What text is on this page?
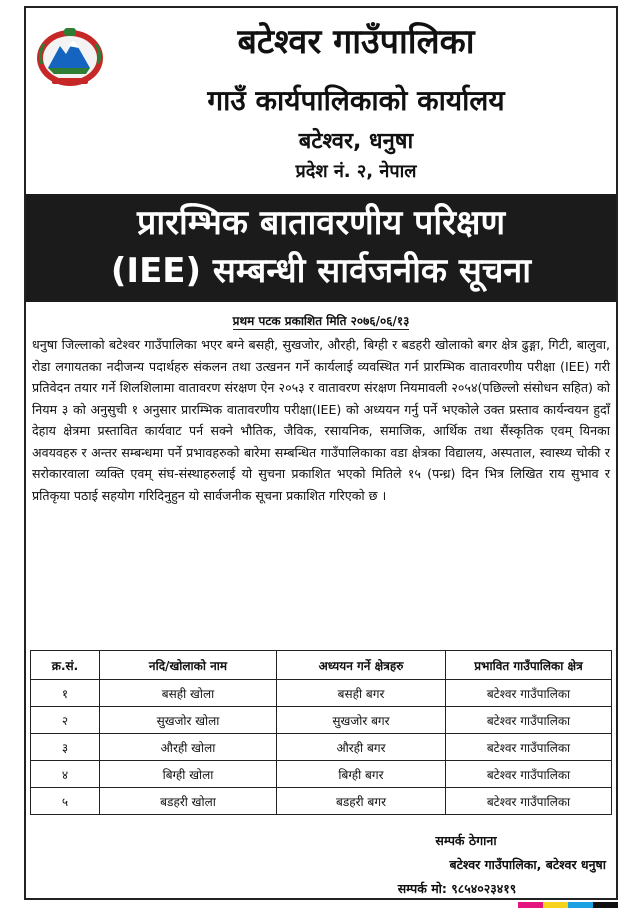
बटेश्वर गाउँपालिका
गाउँ कार्यपालिकाको कार्यालय
बटेश्वर, धनुषा
प्रदेश नं. २, नेपाल
प्रारम्भिक बातावरणीय परिक्षण
(IEE) सम्बन्धी सार्वजनीक सूचना
प्रथम पटक प्रकाशित मिति २०७६/०६/१३
धनुषा जिल्लाको बटेश्वर गाउँपालिका भएर बग्ने बसही, सुखजोर, औरही, बिग्ही र बडहरी खोलाको बगर क्षेत्र ढुङ्गा, गिटी, बालुवा, रोडा लगायतका नदीजन्य पदार्थहरु संकलन तथा उत्खनन गर्ने कार्यलाई व्यवस्थित गर्न प्रारम्भिक वातावरणीय परीक्षा (IEE) गरी प्रतिवेदन तयार गर्ने शिलशिलामा वातावरण संरक्षण ऐन २०५३ र वातावरण संरक्षण नियमावली २०५४(पछिल्लो संसोधन सहित) को नियम ३ को अनुसुची १ अनुसार प्रारम्भिक वातावरणीय परीक्षा(IEE) को अध्ययन गर्नु पर्ने भएकोले उक्त प्रस्ताव कार्यन्वयन हुदाँ देहाय क्षेत्रमा प्रस्तावित कार्यवाट पर्न सक्ने भौतिक, जैविक, रसायनिक, समाजिक, आर्थिक तथा सैंस्कृतिक एवम् यिनका अवयवहरु र अन्तर सम्बन्धमा पर्ने प्रभावहरुको बारेमा सम्बन्धित गाउँपालिकाका वडा क्षेत्रका विद्यालय, अस्पताल, स्वास्थ्य चोकी र सरोकारवाला व्यक्ति एवम् संघ-संस्थाहरुलाई यो सुचना प्रकाशित भएको मितिले १५ (पन्ध्र) दिन भित्र लिखित राय सुभाव र प्रतिकृया पठाई सहयोग गरिदिनुहुन यो सार्वजनीक सूचना प्रकाशित गरिएको छ ।
क्र.सं.	नदि/खोलाको नाम	अध्ययन गर्ने क्षेत्रहरु	प्रभावित गाउँपालिका क्षेत्र
१	बसही खोला	बसही बगर	बटेश्वर गाउँपालिका
२	सुखजोर खोला	सुखजोर बगर	बटेश्वर गाउँपालिका
३	औरही खोला	औरही बगर	बटेश्वर गाउँपालिका
४	बिग्ही खोला	बिग्ही बगर	बटेश्वर गाउँपालिका
५	बडहरी खोला	बडहरी बगर	बटेश्वर गाउँपालिका
सम्पर्क ठेगाना
बटेश्वर गाउँपालिका, बटेश्वर धनुषा
सम्पर्क मो: ९८५४०२३४१९
